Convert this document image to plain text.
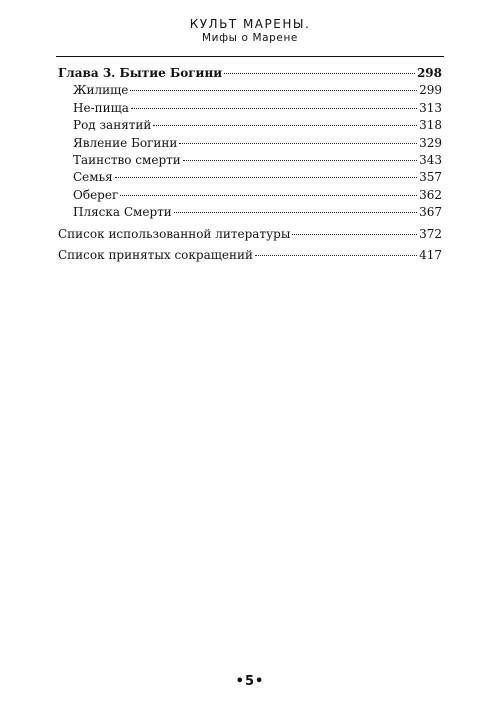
КУЛЬТ МАРЕНЫ.
Мифы о Марене
Глава 3. Бытие Богини	298
Жилище	299
Не-пища	313
Род занятий	318
Явление Богини	329
Таинство смерти	343
Семья	357
Оберег	362
Пляска Смерти	367
Список использованной литературы	372
Список принятых сокращений	417
•5•
